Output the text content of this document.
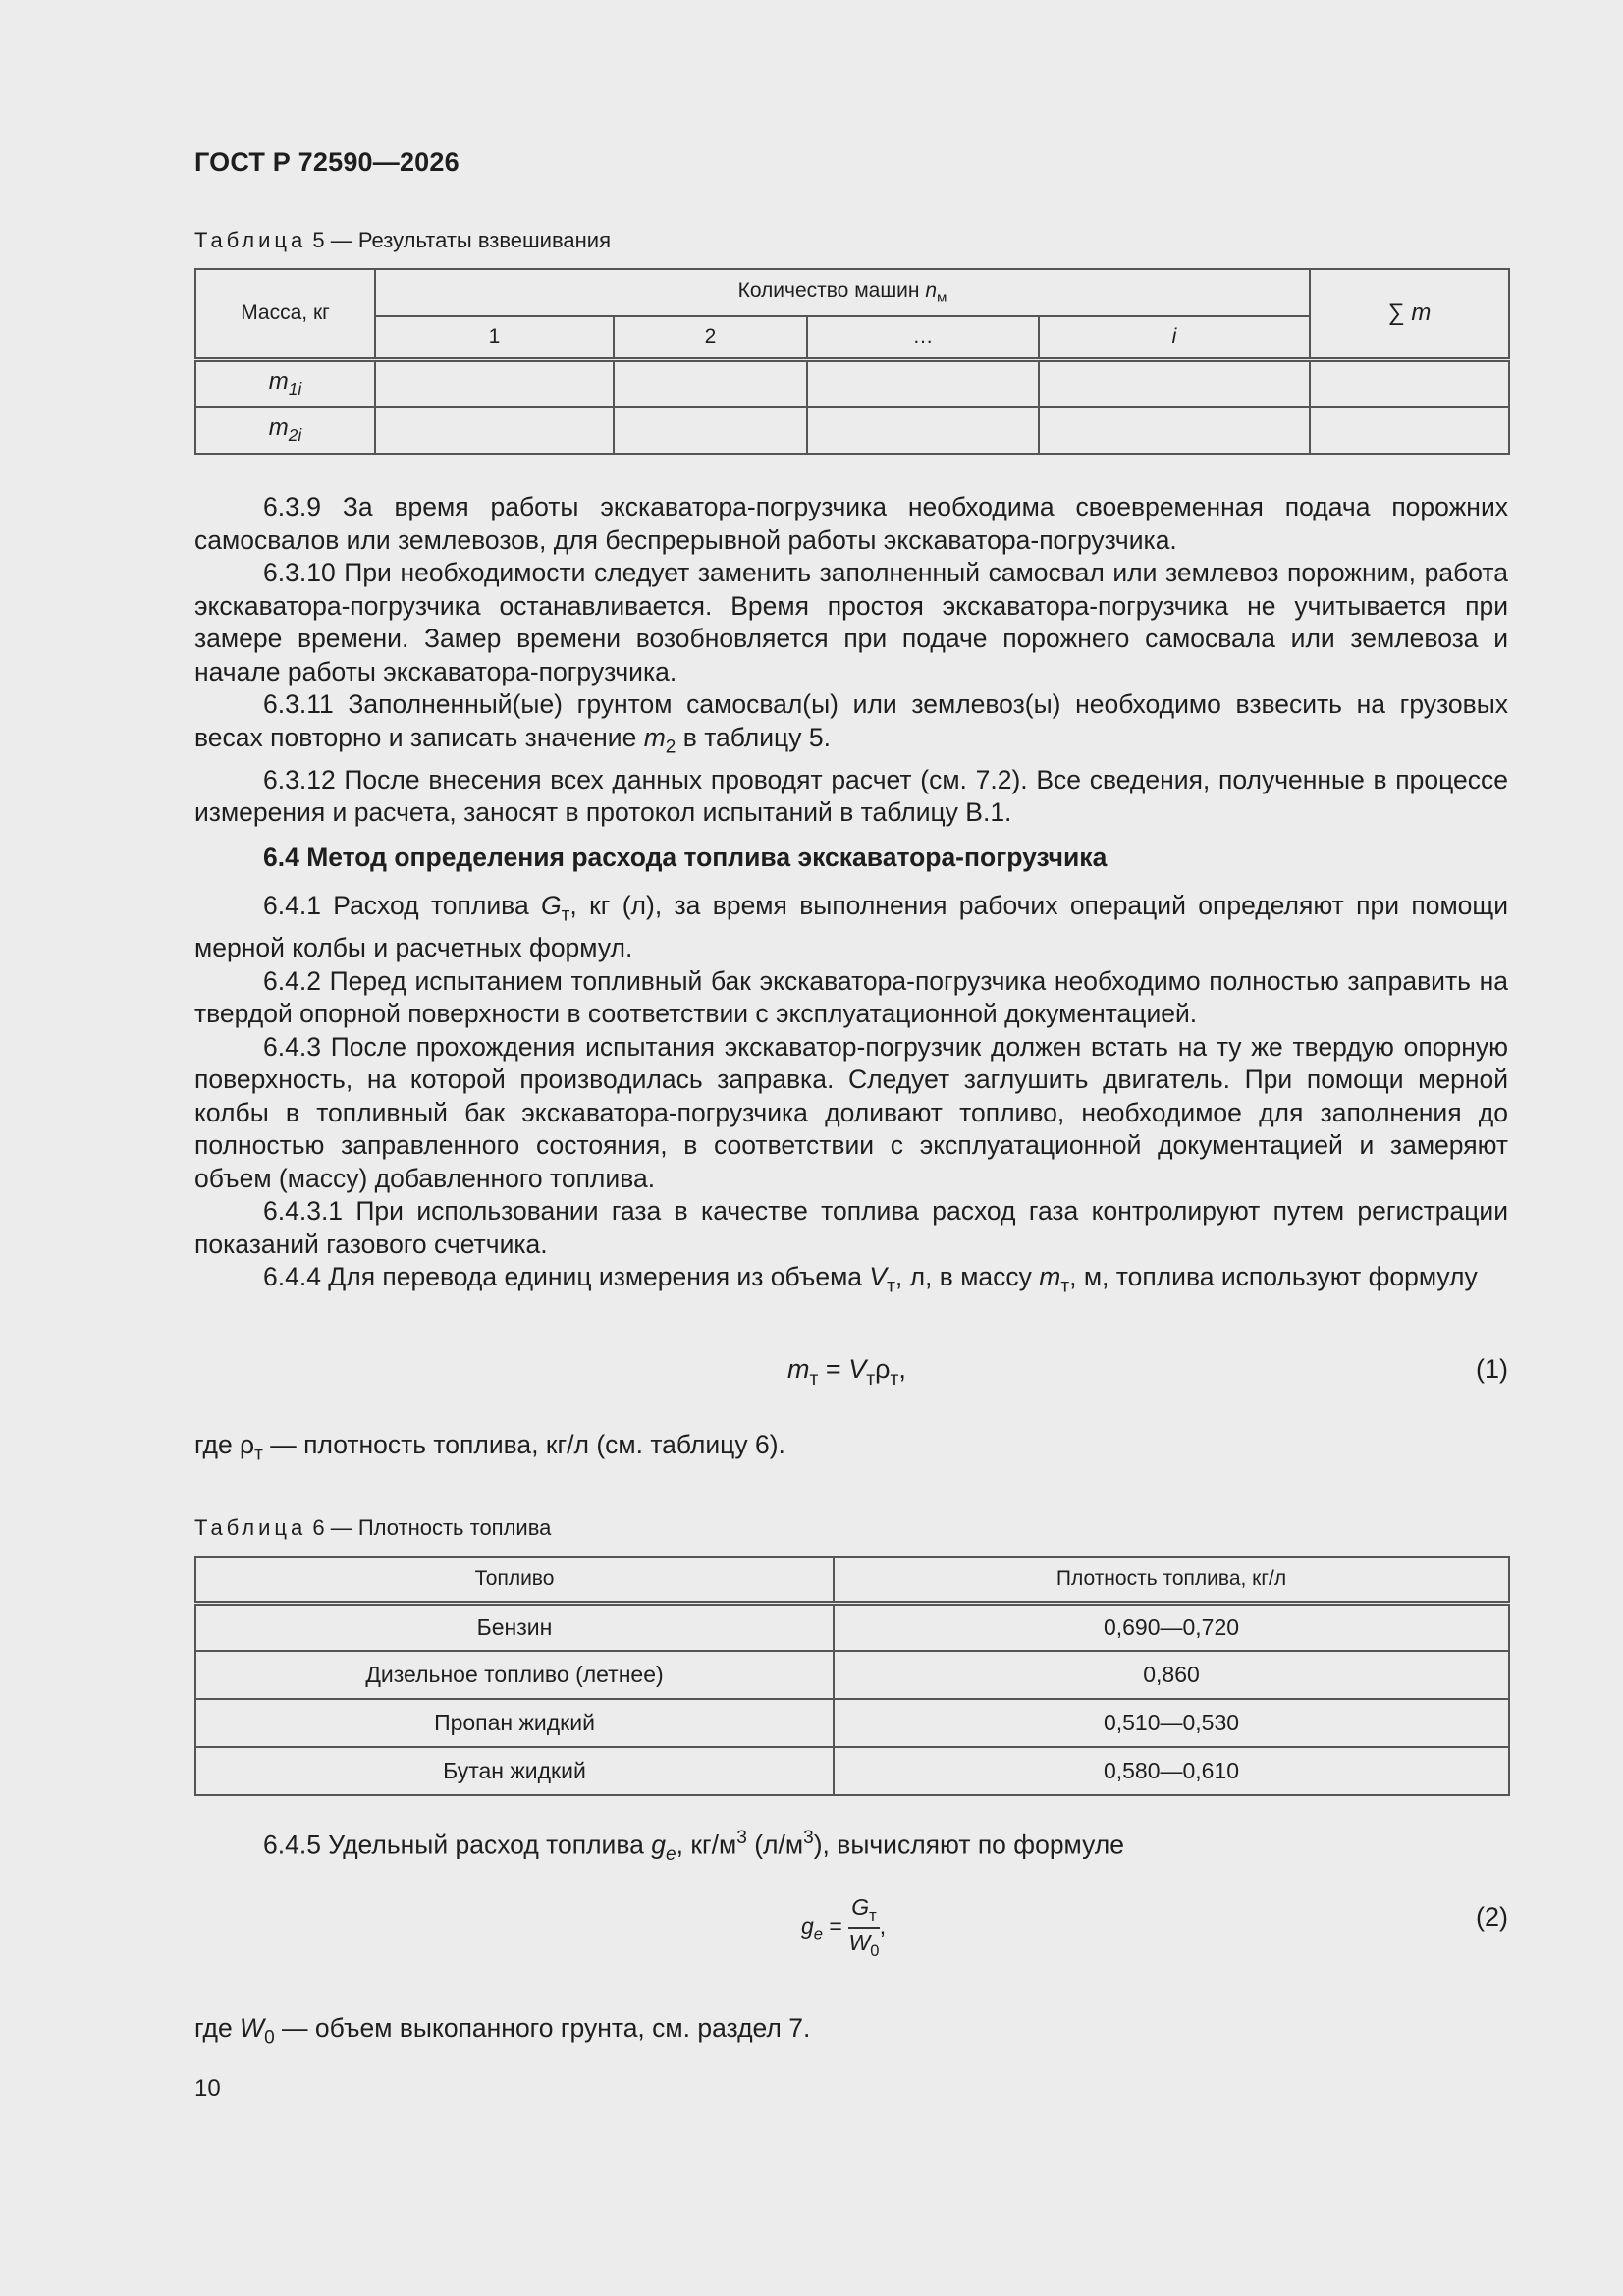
ГОСТ Р 72590—2026
Таблица 5 — Результаты взвешивания
Масса, кг	Количество машин $n_м$				∑ m
	1	2	…	i	
$m_{1i}$					
$m_{2i}$					

6.3.9 За время работы экскаватора-погрузчика необходима своевременная подача порожних самосвалов или землевозов, для беспрерывной работы экскаватора-погрузчика.

6.3.10 При необходимости следует заменить заполненный самосвал или землевоз порожним, работа экскаватора-погрузчика останавливается. Время простоя экскаватора-погрузчика не учитывается при замере времени. Замер времени возобновляется при подаче порожнего самосвала или землевоза и начале работы экскаватора-погрузчика.

6.3.11 Заполненный(ые) грунтом самосвал(ы) или землевоз(ы) необходимо взвесить на грузовых весах повторно и записать значение $m_2$ в таблицу 5.

6.3.12 После внесения всех данных проводят расчет (см. 7.2). Все сведения, полученные в процессе измерения и расчета, заносят в протокол испытаний в таблицу В.1.

6.4 Метод определения расхода топлива экскаватора-погрузчика

6.4.1 Расход топлива $G_т$, кг (л), за время выполнения рабочих операций определяют при помощи мерной колбы и расчетных формул.

6.4.2 Перед испытанием топливный бак экскаватора-погрузчика необходимо полностью заправить на твердой опорной поверхности в соответствии с эксплуатационной документацией.

6.4.3 После прохождения испытания экскаватор-погрузчик должен встать на ту же твердую опорную поверхность, на которой производилась заправка. Следует заглушить двигатель. При помощи мерной колбы в топливный бак экскаватора-погрузчика доливают топливо, необходимое для заполнения до полностью заправленного состояния, в соответствии с эксплуатационной документацией и замеряют объем (массу) добавленного топлива.

6.4.3.1 При использовании газа в качестве топлива расход газа контролируют путем регистрации показаний газового счетчика.

6.4.4 Для перевода единиц измерения из объема $V_т$, л, в массу $m_т$, м, топлива используют формулу

$m_т = V_т\rho_т$,	(1)
где $\rho_т$ — плотность топлива, кг/л (см. таблицу 6).
Таблица 6 — Плотность топлива
Топливо	Плотность топлива, кг/л
Бензин	0,690—0,720
Дизельное топливо (летнее)	0,860
Пропан жидкий	0,510—0,530
Бутан жидкий	0,580—0,610
6.4.5 Удельный расход топлива $g_e$, $кг/м^3$ $(л/м^3)$, вычисляют по формуле
$g_e = \frac{G_т}{W_0}$ ,	(2)
где $W_0$ — объем выкопанного грунта, см. раздел 7.
10
